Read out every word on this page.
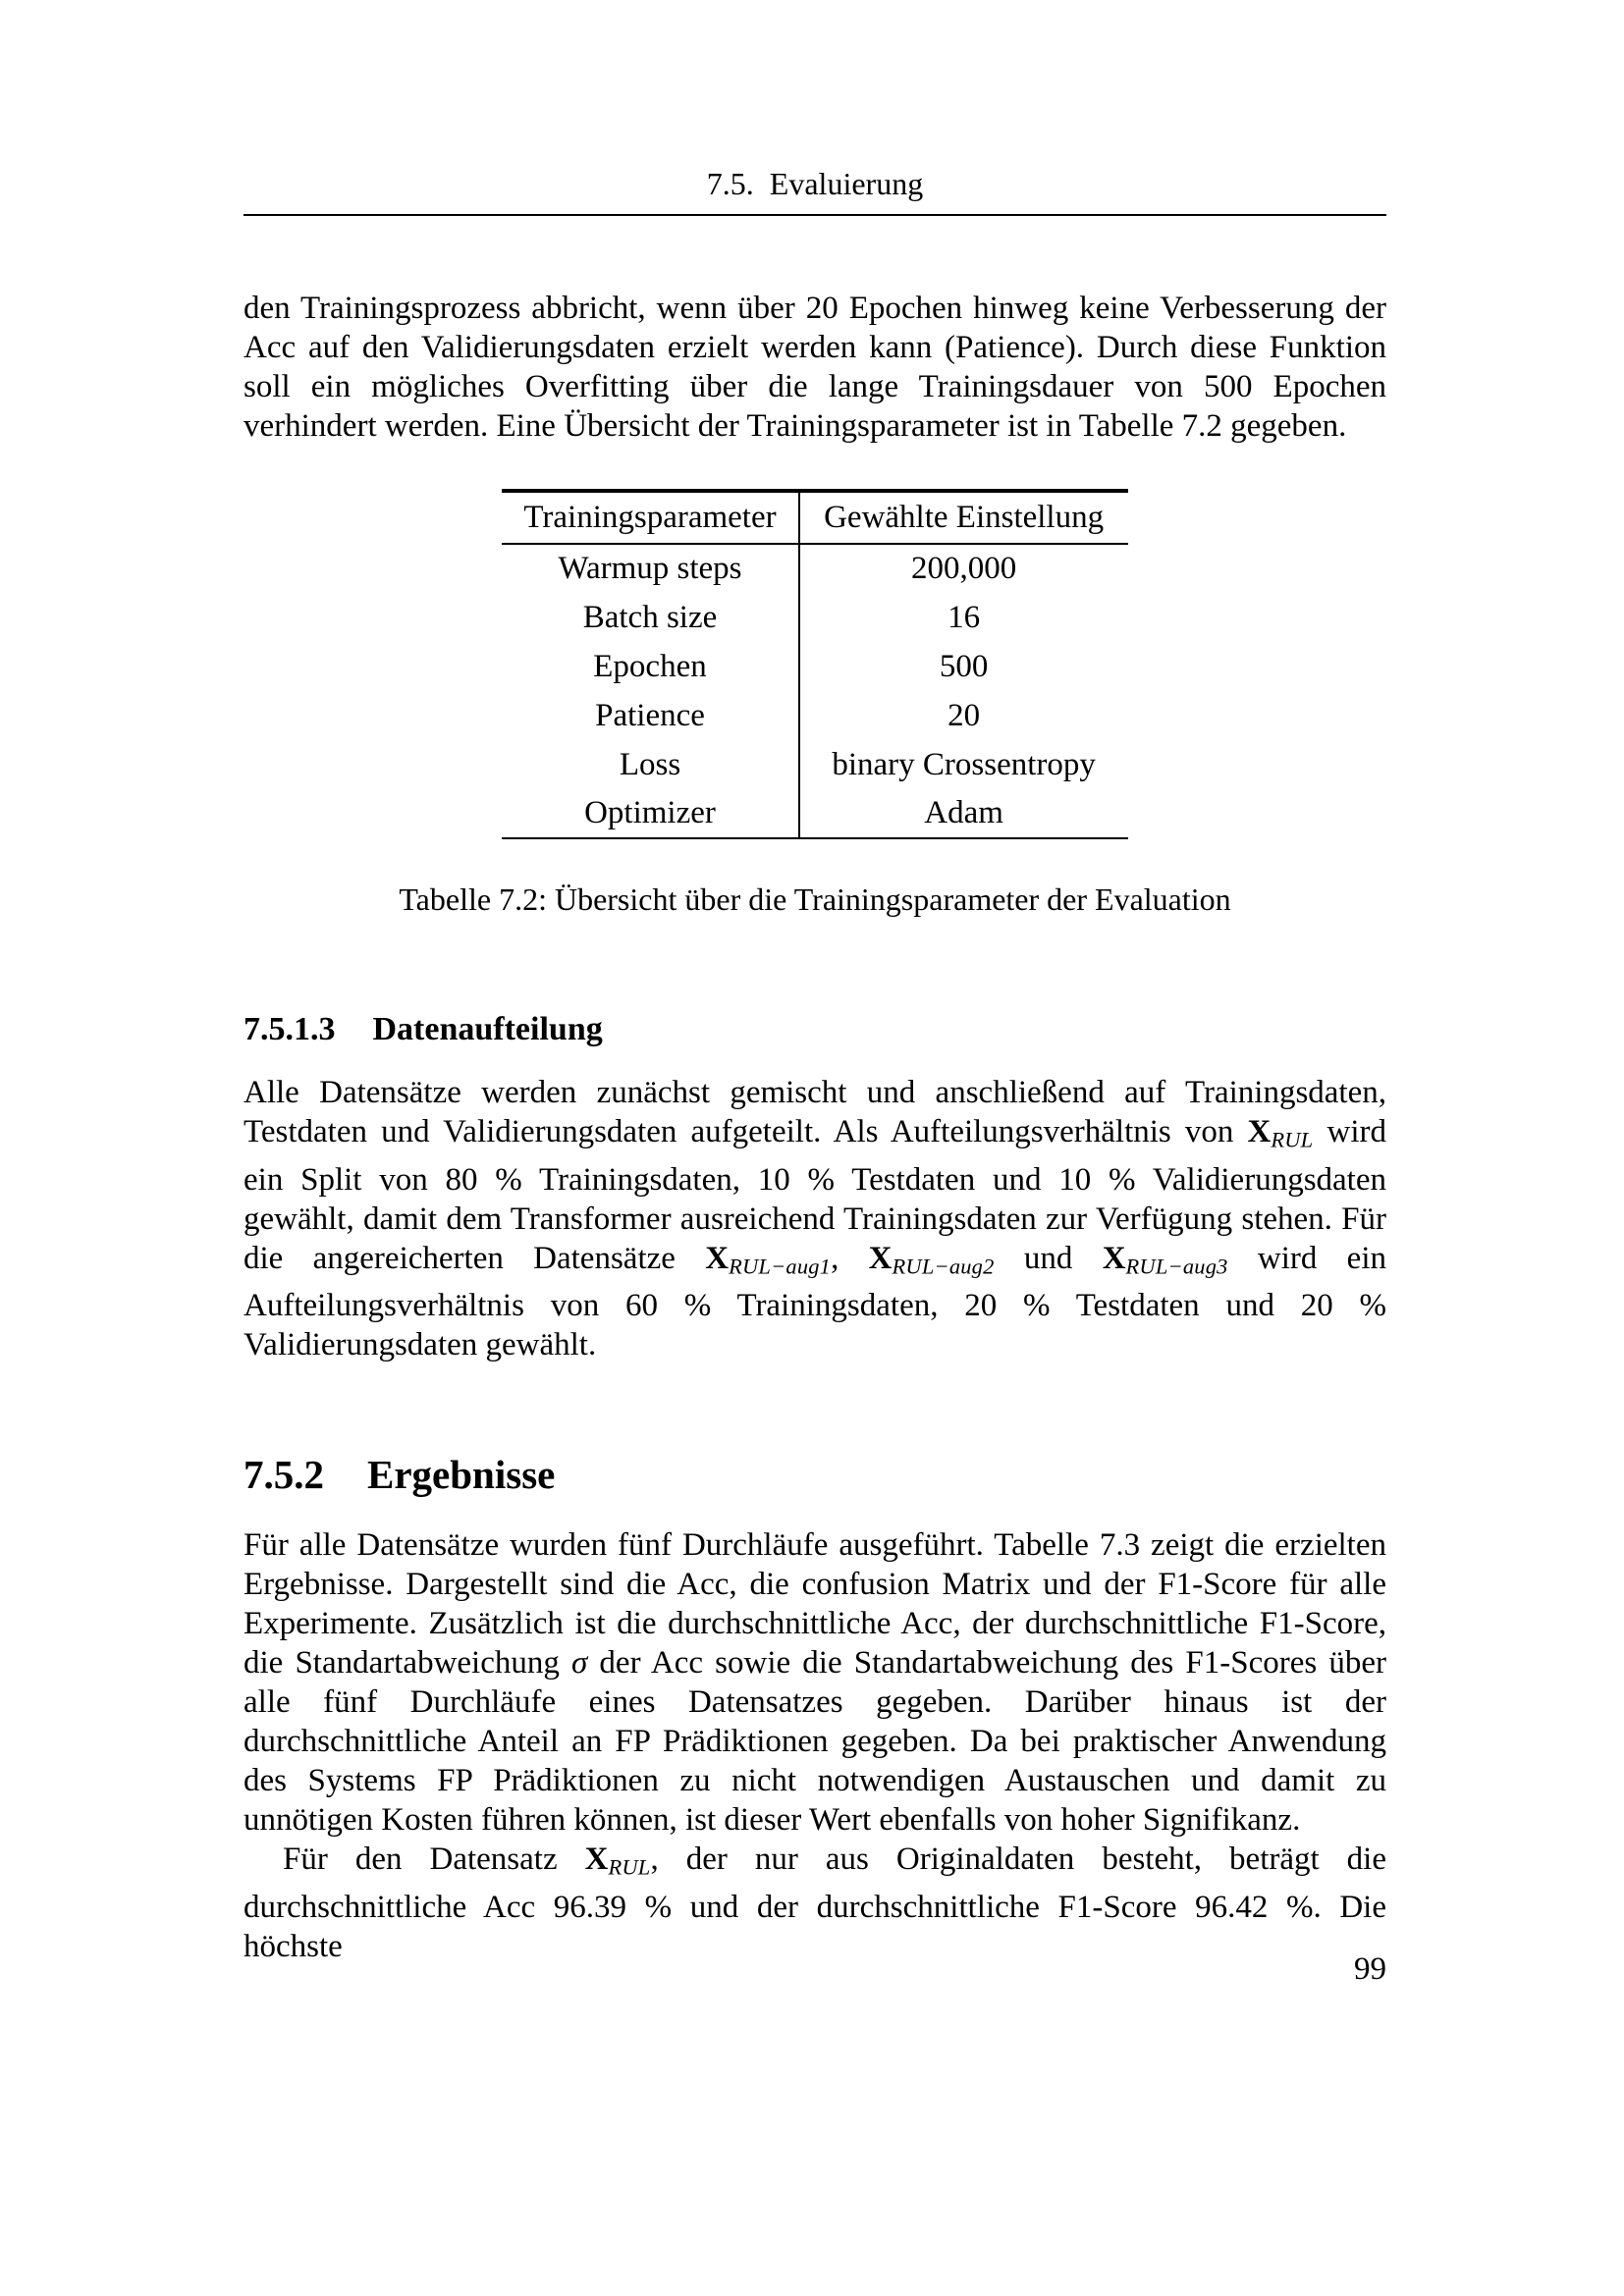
7.5. Evaluierung

den Trainingsprozess abbricht, wenn über 20 Epochen hinweg keine Verbesserung der Acc auf den Validierungsdaten erzielt werden kann (Patience). Durch diese Funktion soll ein mögliches Overfitting über die lange Trainingsdauer von 500 Epochen verhindert werden. Eine Übersicht der Trainingsparameter ist in Tabelle 7.2 gegeben.

Trainingsparameter	Gewählte Einstellung
Warmup steps	200,000
Batch size	16
Epochen	500
Patience	20
Loss	binary Crossentropy
Optimizer	Adam
Tabelle 7.2: Übersicht über die Trainingsparameter der Evaluation
7.5.1.3 Datenaufteilung

Alle Datensätze werden zunächst gemischt und anschließend auf Trainingsdaten, Testdaten und Validierungsdaten aufgeteilt. Als Aufteilungsverhältnis von XRUL wird ein Split von 80 % Trainingsdaten, 10 % Testdaten und 10 % Validierungsdaten gewählt, damit dem Transformer ausreichend Trainingsdaten zur Verfügung stehen. Für die angereicherten Datensätze XRUL−aug1, XRUL−aug2 und XRUL−aug3 wird ein Aufteilungsverhältnis von 60 % Trainingsdaten, 20 % Testdaten und 20 % Validierungsdaten gewählt.

7.5.2 Ergebnisse

Für alle Datensätze wurden fünf Durchläufe ausgeführt. Tabelle 7.3 zeigt die erzielten Ergebnisse. Dargestellt sind die Acc, die confusion Matrix und der F1-Score für alle Experimente. Zusätzlich ist die durchschnittliche Acc, der durchschnittliche F1-Score, die Standartabweichung σ der Acc sowie die Standartabweichung des F1-Scores über alle fünf Durchläufe eines Datensatzes gegeben. Darüber hinaus ist der durchschnittliche Anteil an FP Prädiktionen gegeben. Da bei praktischer Anwendung des Systems FP Prädiktionen zu nicht notwendigen Austauschen und damit zu unnötigen Kosten führen können, ist dieser Wert ebenfalls von hoher Signifikanz.

Für den Datensatz XRUL, der nur aus Originaldaten besteht, beträgt die durchschnittliche Acc 96.39 % und der durchschnittliche F1-Score 96.42 %. Die höchste

99
